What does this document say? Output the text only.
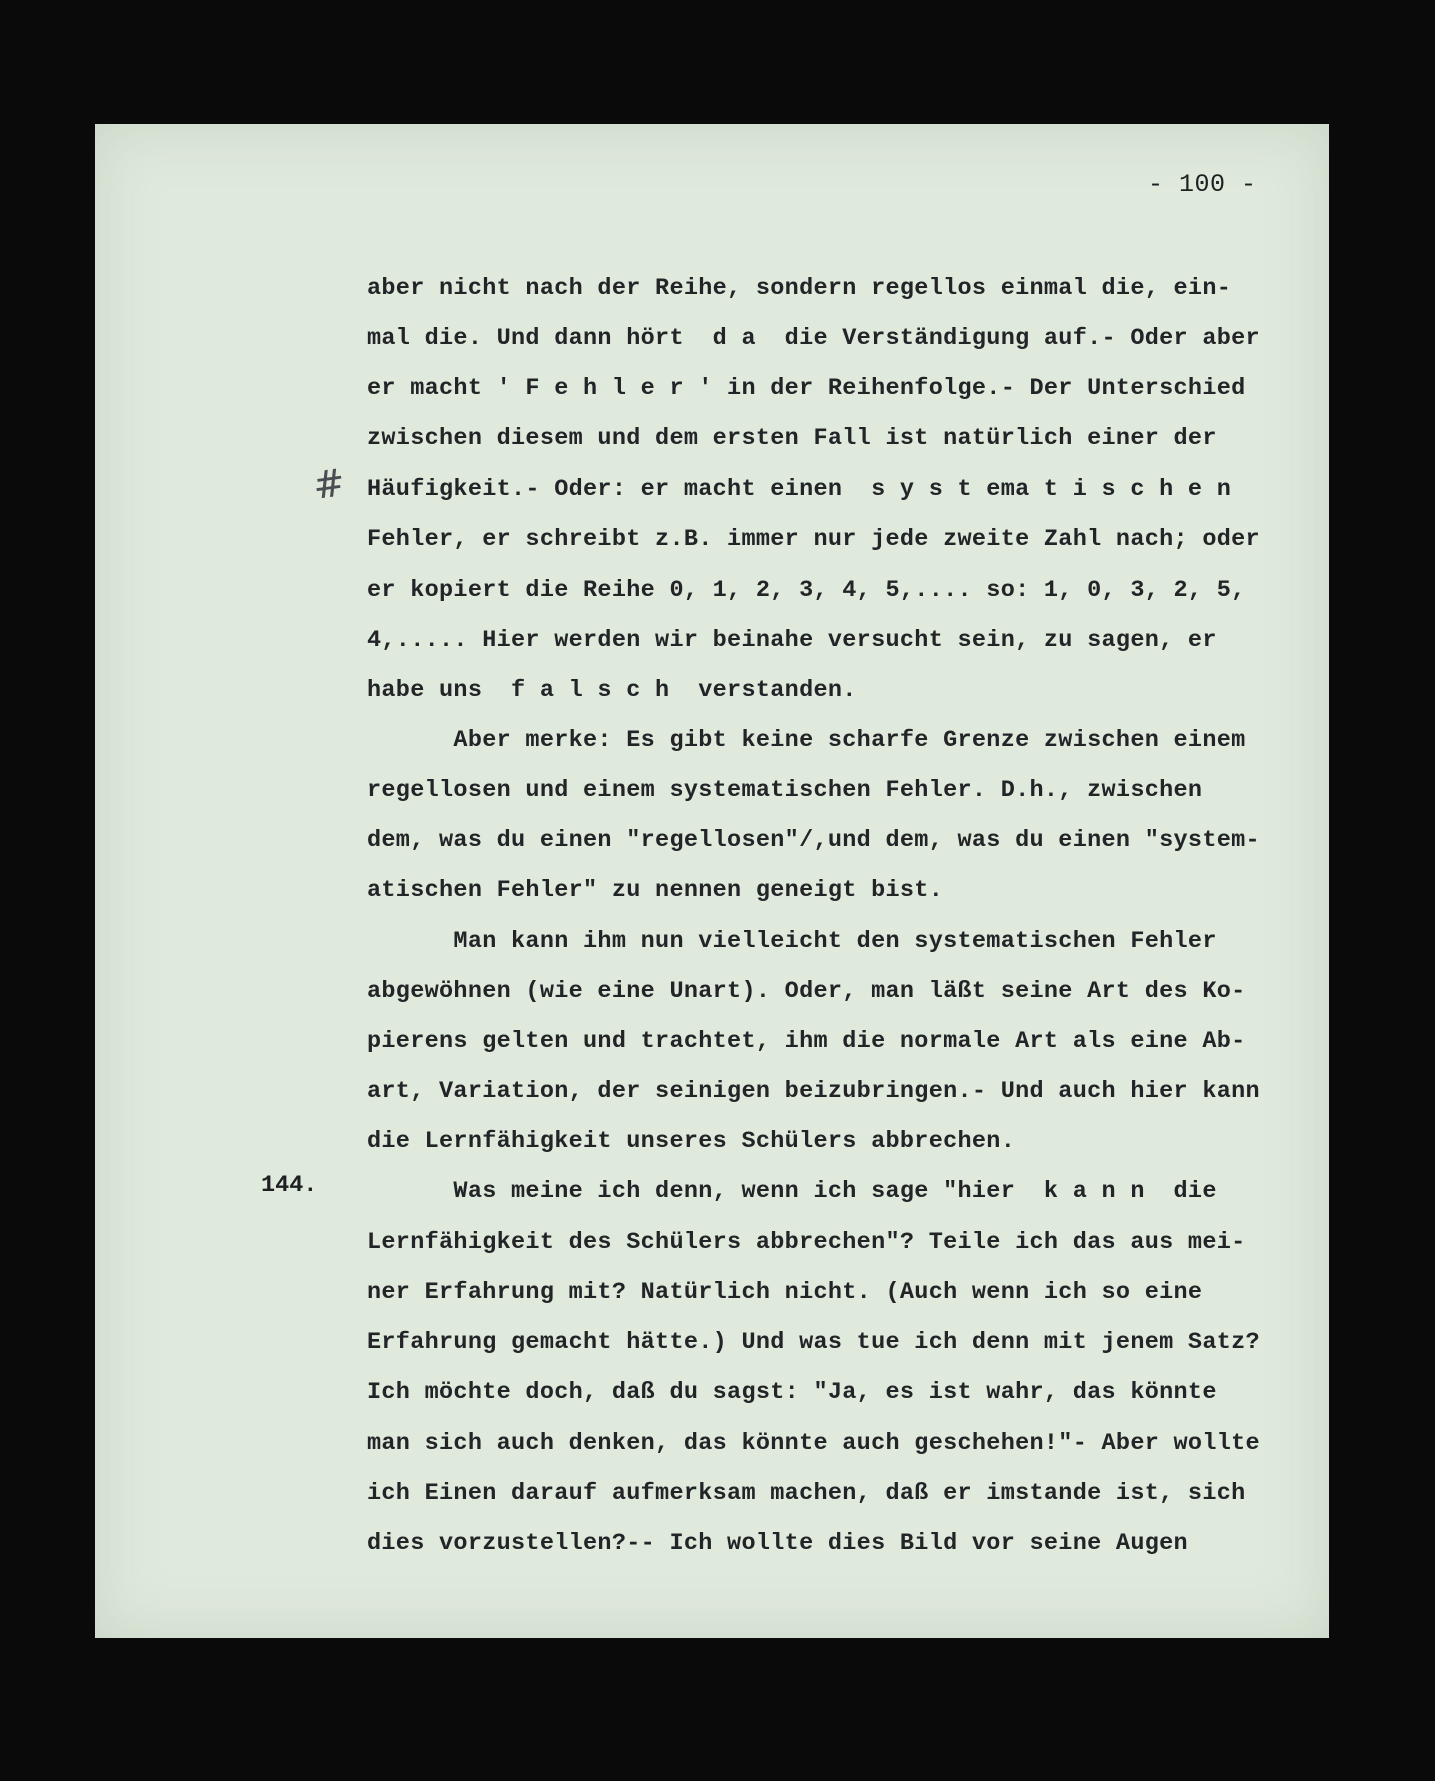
- 100 -
#
144.
aber nicht nach der Reihe, sondern regellos einmal die, ein-
mal die. Und dann hört  d a  die Verständigung auf.- Oder aber
er macht ' F e h l e r ' in der Reihenfolge.- Der Unterschied
zwischen diesem und dem ersten Fall ist natürlich einer der
Häufigkeit.- Oder: er macht einen  s y s t ema t i s c h e n
Fehler, er schreibt z.B. immer nur jede zweite Zahl nach; oder
er kopiert die Reihe 0, 1, 2, 3, 4, 5,.... so: 1, 0, 3, 2, 5,
4,..... Hier werden wir beinahe versucht sein, zu sagen, er
habe uns  f a l s c h  verstanden.
Aber merke: Es gibt keine scharfe Grenze zwischen einem
regellosen und einem systematischen Fehler. D.h., zwischen
dem, was du einen "regellosen"/,und dem, was du einen "system-
atischen Fehler" zu nennen geneigt bist.
Man kann ihm nun vielleicht den systematischen Fehler
abgewöhnen (wie eine Unart). Oder, man läßt seine Art des Ko-
pierens gelten und trachtet, ihm die normale Art als eine Ab-
art, Variation, der seinigen beizubringen.- Und auch hier kann
die Lernfähigkeit unseres Schülers abbrechen.
Was meine ich denn, wenn ich sage "hier  k a n n  die
Lernfähigkeit des Schülers abbrechen"? Teile ich das aus mei-
ner Erfahrung mit? Natürlich nicht. (Auch wenn ich so eine
Erfahrung gemacht hätte.) Und was tue ich denn mit jenem Satz?
Ich möchte doch, daß du sagst: "Ja, es ist wahr, das könnte
man sich auch denken, das könnte auch geschehen!"- Aber wollte
ich Einen darauf aufmerksam machen, daß er imstande ist, sich
dies vorzustellen?-- Ich wollte dies Bild vor seine Augen
